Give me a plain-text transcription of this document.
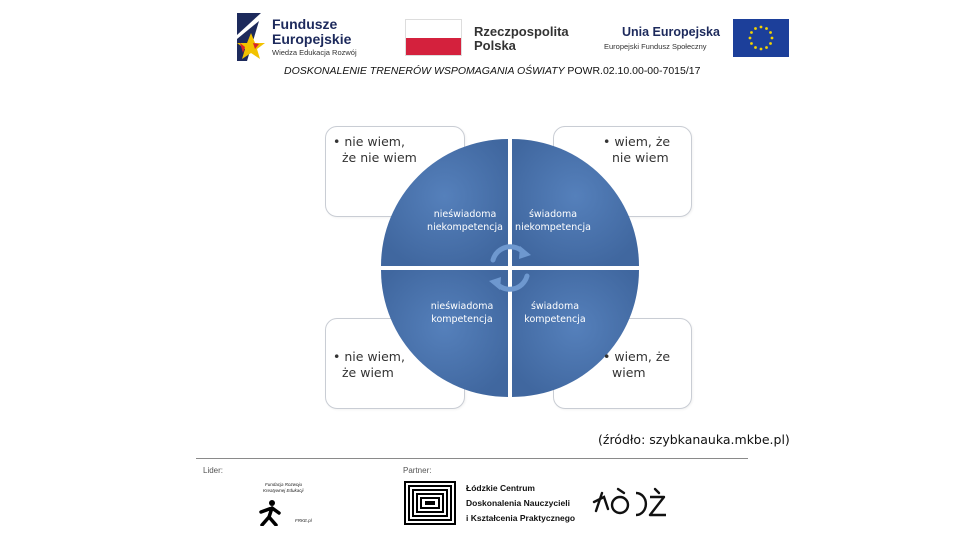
Fundusze
Europejskie
Wiedza Edukacja Rozwój
Rzeczpospolita
Polska
Unia Europejska
Europejski Fundusz Społeczny
DOSKONALENIE TRENERÓW WSPOMAGANIA OŚWIATY POWR.02.10.00-00-7015/17
• nie wiem,
że nie wiem
• wiem, że
nie wiem
• nie wiem,
że wiem
• wiem, że
wiem
nieświadoma
niekompetencja
świadoma
niekompetencja
nieświadoma
kompetencja
świadoma
kompetencja
(źródło: szybkanauka.mkbe.pl)
Lider:	Partner:
Fundacja Rozwoju
Kreatywnej Edukacji
FRKE.pl
Łódzkie Centrum
Doskonalenia Nauczycieli
i Kształcenia Praktycznego
